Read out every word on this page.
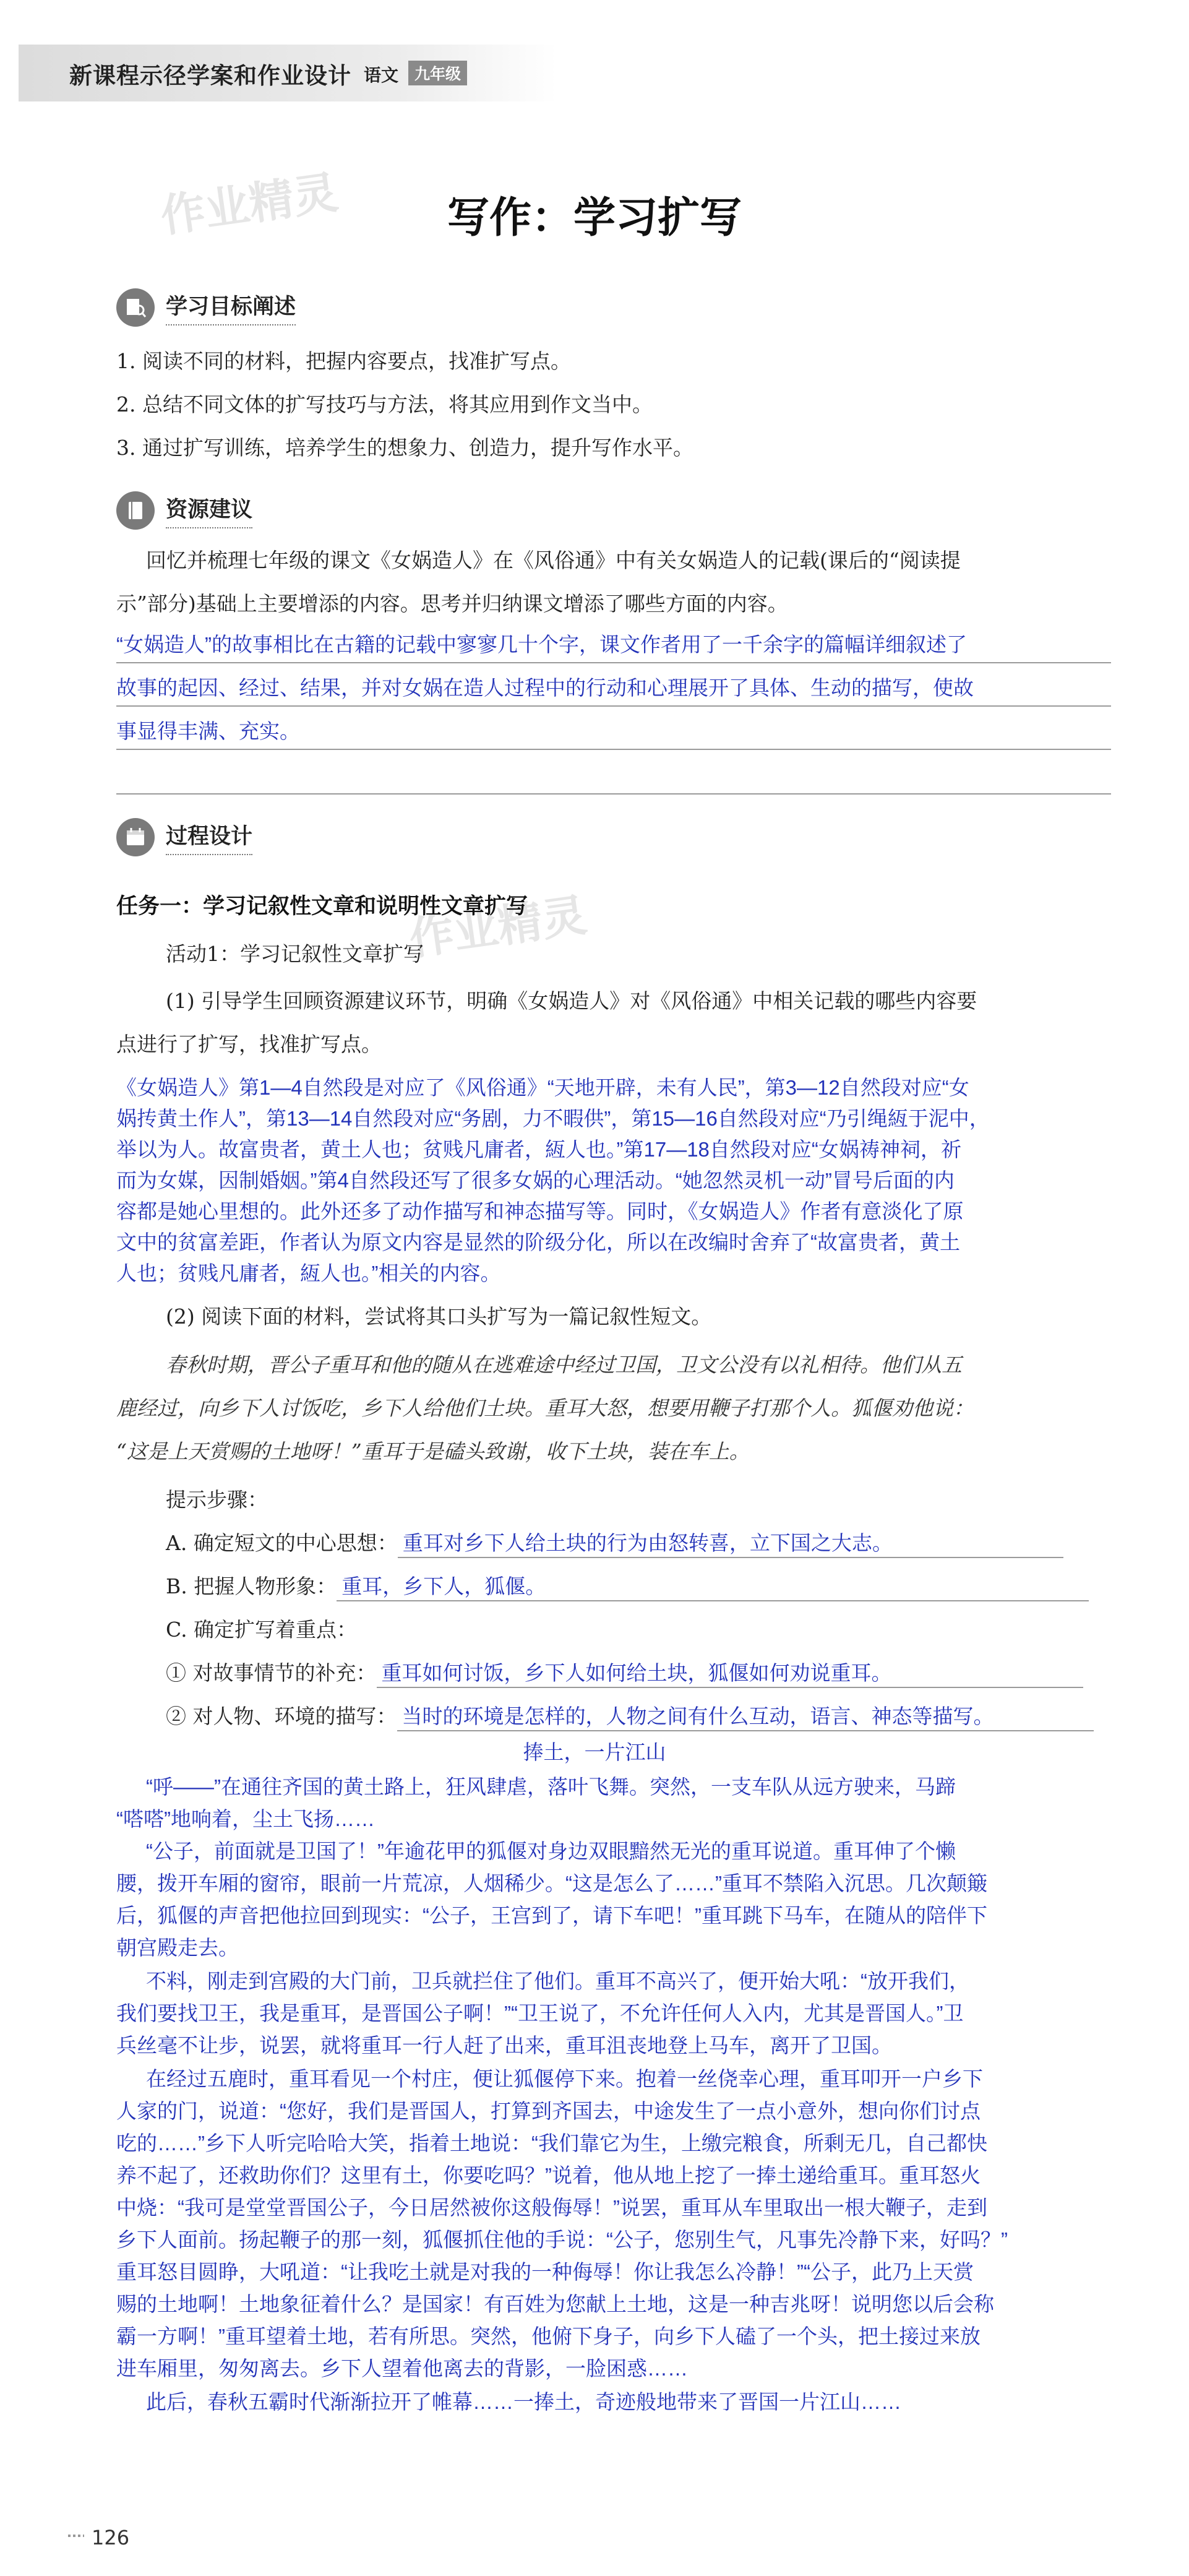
新课程示径学案和作业设计 语文	九年级
作业精灵
作业精灵
写作：学习扩写
学习目标阐述
1. 阅读不同的材料，把握内容要点，找准扩写点。
2. 总结不同文体的扩写技巧与方法，将其应用到作文当中。
3. 通过扩写训练，培养学生的想象力、创造力，提升写作水平。
资源建议
回忆并梳理七年级的课文《女娲造人》在《风俗通》中有关女娲造人的记载(课后的“阅读提
示”部分)基础上主要增添的内容。思考并归纳课文增添了哪些方面的内容。
“女娲造人”的故事相比在古籍的记载中寥寥几十个字，课文作者用了一千余字的篇幅详细叙述了
故事的起因、经过、结果，并对女娲在造人过程中的行动和心理展开了具体、生动的描写，使故
事显得丰满、充实。
过程设计
任务一：学习记叙性文章和说明性文章扩写
活动1：学习记叙性文章扩写
(1) 引导学生回顾资源建议环节，明确《女娲造人》对《风俗通》中相关记载的哪些内容要
点进行了扩写，找准扩写点。
《女娲造人》第1—4自然段是对应了《风俗通》“天地开辟，未有人民”，第3—12自然段对应“女
娲抟黄土作人”，第13—14自然段对应“务剧，力不暇供”，第15—16自然段对应“乃引绳絚于泥中，
举以为人。故富贵者，黄土人也；贫贱凡庸者，絚人也。”第17—18自然段对应“女娲祷神祠，祈
而为女媒，因制婚姻。”第4自然段还写了很多女娲的心理活动。“她忽然灵机一动”冒号后面的内
容都是她心里想的。此外还多了动作描写和神态描写等。同时，《女娲造人》作者有意淡化了原
文中的贫富差距，作者认为原文内容是显然的阶级分化，所以在改编时舍弃了“故富贵者，黄土
人也；贫贱凡庸者，絚人也。”相关的内容。
(2) 阅读下面的材料，尝试将其口头扩写为一篇记叙性短文。
春秋时期，晋公子重耳和他的随从在逃难途中经过卫国，卫文公没有以礼相待。他们从五
鹿经过，向乡下人讨饭吃，乡下人给他们土块。重耳大怒，想要用鞭子打那个人。狐偃劝他说：
“这是上天赏赐的土地呀！”重耳于是磕头致谢，收下土块，装在车上。
提示步骤：
A. 确定短文的中心思想： 重耳对乡下人给土块的行为由怒转喜，立下国之大志。
B. 把握人物形象： 重耳，乡下人，狐偃。
C. 确定扩写着重点：
① 对故事情节的补充： 重耳如何讨饭，乡下人如何给土块，狐偃如何劝说重耳。
② 对人物、环境的描写： 当时的环境是怎样的，人物之间有什么互动，语言、神态等描写。
捧土，一片江山
“呼——”在通往齐国的黄土路上，狂风肆虐，落叶飞舞。突然，一支车队从远方驶来，马蹄
“嗒嗒”地响着，尘土飞扬……
“公子，前面就是卫国了！”年逾花甲的狐偃对身边双眼黯然无光的重耳说道。重耳伸了个懒
腰，拨开车厢的窗帘，眼前一片荒凉，人烟稀少。“这是怎么了……”重耳不禁陷入沉思。几次颠簸
后，狐偃的声音把他拉回到现实：“公子，王宫到了，请下车吧！”重耳跳下马车，在随从的陪伴下
朝宫殿走去。
不料，刚走到宫殿的大门前，卫兵就拦住了他们。重耳不高兴了，便开始大吼：“放开我们，
我们要找卫王，我是重耳，是晋国公子啊！”“卫王说了，不允许任何人入内，尤其是晋国人。”卫
兵丝毫不让步，说罢，就将重耳一行人赶了出来，重耳沮丧地登上马车，离开了卫国。
在经过五鹿时，重耳看见一个村庄，便让狐偃停下来。抱着一丝侥幸心理，重耳叩开一户乡下
人家的门，说道：“您好，我们是晋国人，打算到齐国去，中途发生了一点小意外，想向你们讨点
吃的……”乡下人听完哈哈大笑，指着土地说：“我们靠它为生，上缴完粮食，所剩无几，自己都快
养不起了，还救助你们？这里有土，你要吃吗？”说着，他从地上挖了一捧土递给重耳。重耳怒火
中烧：“我可是堂堂晋国公子，今日居然被你这般侮辱！”说罢，重耳从车里取出一根大鞭子，走到
乡下人面前。扬起鞭子的那一刻，狐偃抓住他的手说：“公子，您别生气，凡事先冷静下来，好吗？”
重耳怒目圆睁，大吼道：“让我吃土就是对我的一种侮辱！你让我怎么冷静！”“公子，此乃上天赏
赐的土地啊！土地象征着什么？是国家！有百姓为您献上土地，这是一种吉兆呀！说明您以后会称
霸一方啊！”重耳望着土地，若有所思。突然，他俯下身子，向乡下人磕了一个头，把土接过来放
进车厢里，匆匆离去。乡下人望着他离去的背影，一脸困惑……
此后，春秋五霸时代渐渐拉开了帷幕……一捧土，奇迹般地带来了晋国一片江山……
126
